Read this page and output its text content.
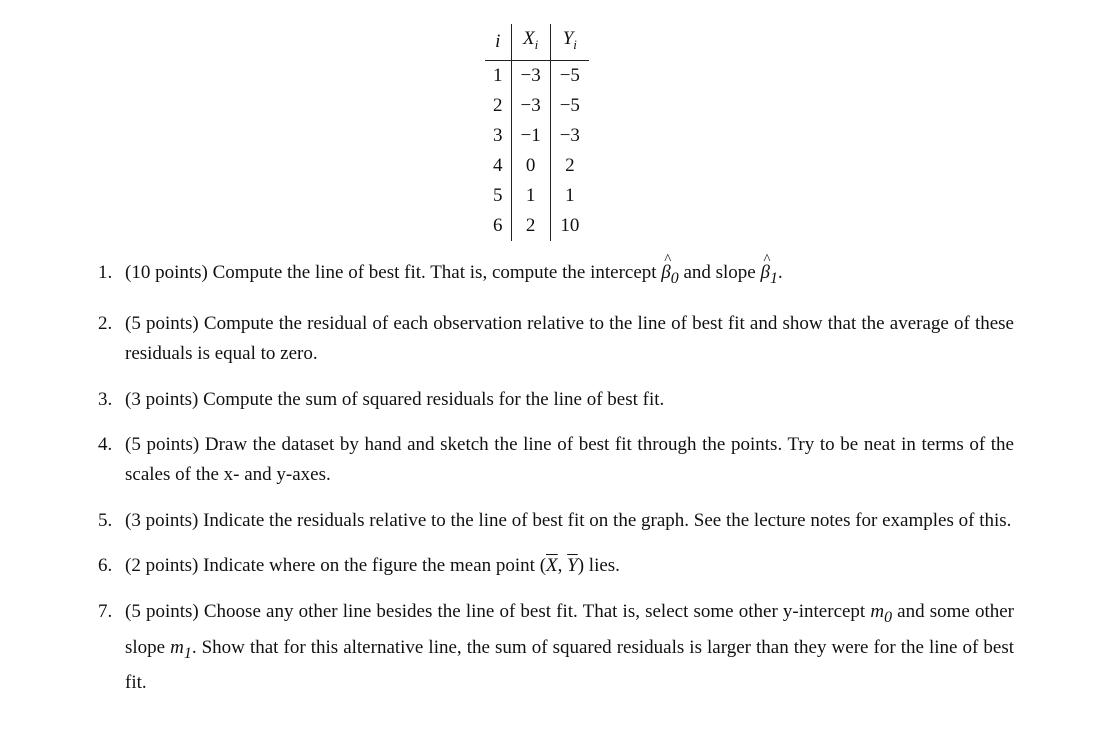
i	$X_i$	$Y_i$
1	−3	−5
2	−3	−5
3	−1	−3
4	0	2
5	1	1
6	2	10
1. (10 points) Compute the line of best fit. That is, compute the intercept ^ $\beta_0$ and slope ^ $\beta_1$.
2. (5 points) Compute the residual of each observation relative to the line of best fit and show that the average of these residuals is equal to zero.
3. (3 points) Compute the sum of squared residuals for the line of best fit.
4. (5 points) Draw the dataset by hand and sketch the line of best fit through the points. Try to be neat in terms of the scales of the x- and y-axes.
5. (3 points) Indicate the residuals relative to the line of best fit on the graph. See the lecture notes for examples of this.
6. (2 points) Indicate where on the figure the mean point ($\overline{X}$, $\overline{Y}$) lies.
7. (5 points) Choose any other line besides the line of best fit. That is, select some other y-intercept $m_0$ and some other slope $m_1$. Show that for this alternative line, the sum of squared residuals is larger than they were for the line of best fit.
